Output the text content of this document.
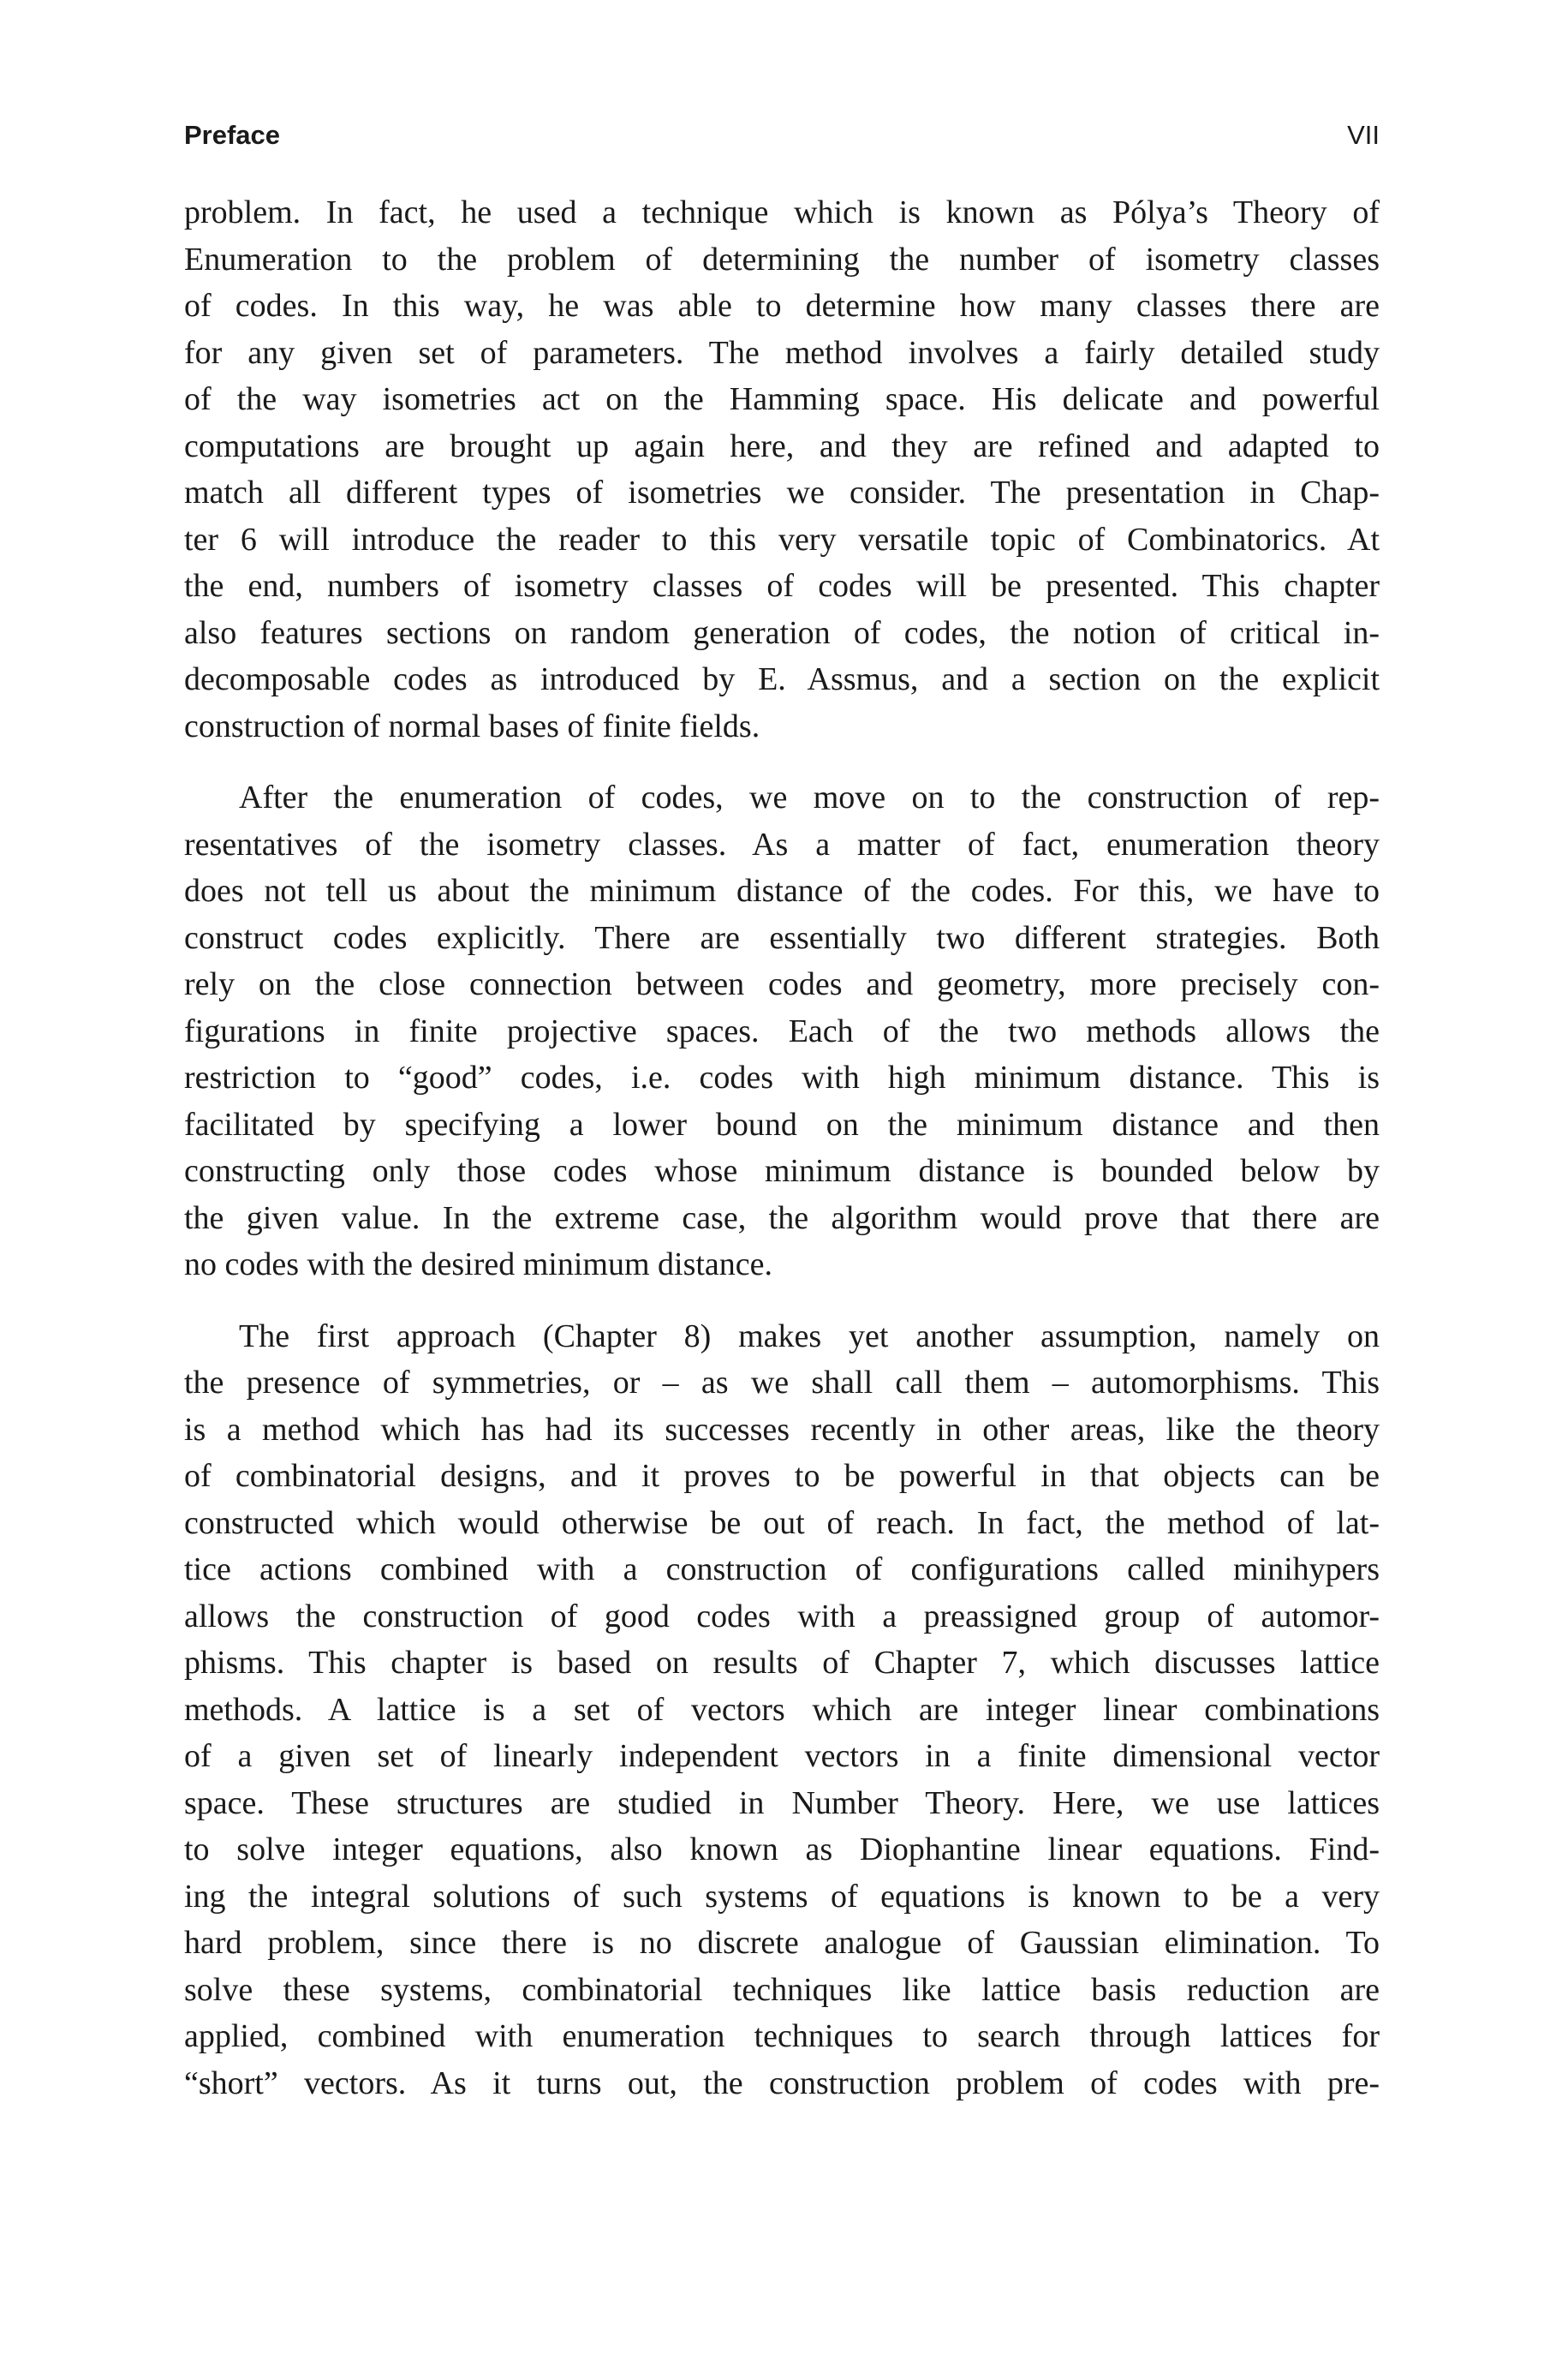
Preface	VII
problem. In fact, he used a technique which is known as Pólya’s Theory of
Enumeration to the problem of determining the number of isometry classes
of codes. In this way, he was able to determine how many classes there are
for any given set of parameters. The method involves a fairly detailed study
of the way isometries act on the Hamming space. His delicate and powerful
computations are brought up again here, and they are refined and adapted to
match all different types of isometries we consider. The presentation in Chap-
ter 6 will introduce the reader to this very versatile topic of Combinatorics. At
the end, numbers of isometry classes of codes will be presented. This chapter
also features sections on random generation of codes, the notion of critical in-
decomposable codes as introduced by E. Assmus, and a section on the explicit
construction of normal bases of finite fields.
After the enumeration of codes, we move on to the construction of rep-
resentatives of the isometry classes. As a matter of fact, enumeration theory
does not tell us about the minimum distance of the codes. For this, we have to
construct codes explicitly. There are essentially two different strategies. Both
rely on the close connection between codes and geometry, more precisely con-
figurations in finite projective spaces. Each of the two methods allows the
restriction to “good” codes, i.e. codes with high minimum distance. This is
facilitated by specifying a lower bound on the minimum distance and then
constructing only those codes whose minimum distance is bounded below by
the given value. In the extreme case, the algorithm would prove that there are
no codes with the desired minimum distance.
The first approach (Chapter 8) makes yet another assumption, namely on
the presence of symmetries, or – as we shall call them – automorphisms. This
is a method which has had its successes recently in other areas, like the theory
of combinatorial designs, and it proves to be powerful in that objects can be
constructed which would otherwise be out of reach. In fact, the method of lat-
tice actions combined with a construction of configurations called minihypers
allows the construction of good codes with a preassigned group of automor-
phisms. This chapter is based on results of Chapter 7, which discusses lattice
methods. A lattice is a set of vectors which are integer linear combinations
of a given set of linearly independent vectors in a finite dimensional vector
space. These structures are studied in Number Theory. Here, we use lattices
to solve integer equations, also known as Diophantine linear equations. Find-
ing the integral solutions of such systems of equations is known to be a very
hard problem, since there is no discrete analogue of Gaussian elimination. To
solve these systems, combinatorial techniques like lattice basis reduction are
applied, combined with enumeration techniques to search through lattices for
“short” vectors. As it turns out, the construction problem of codes with pre-
